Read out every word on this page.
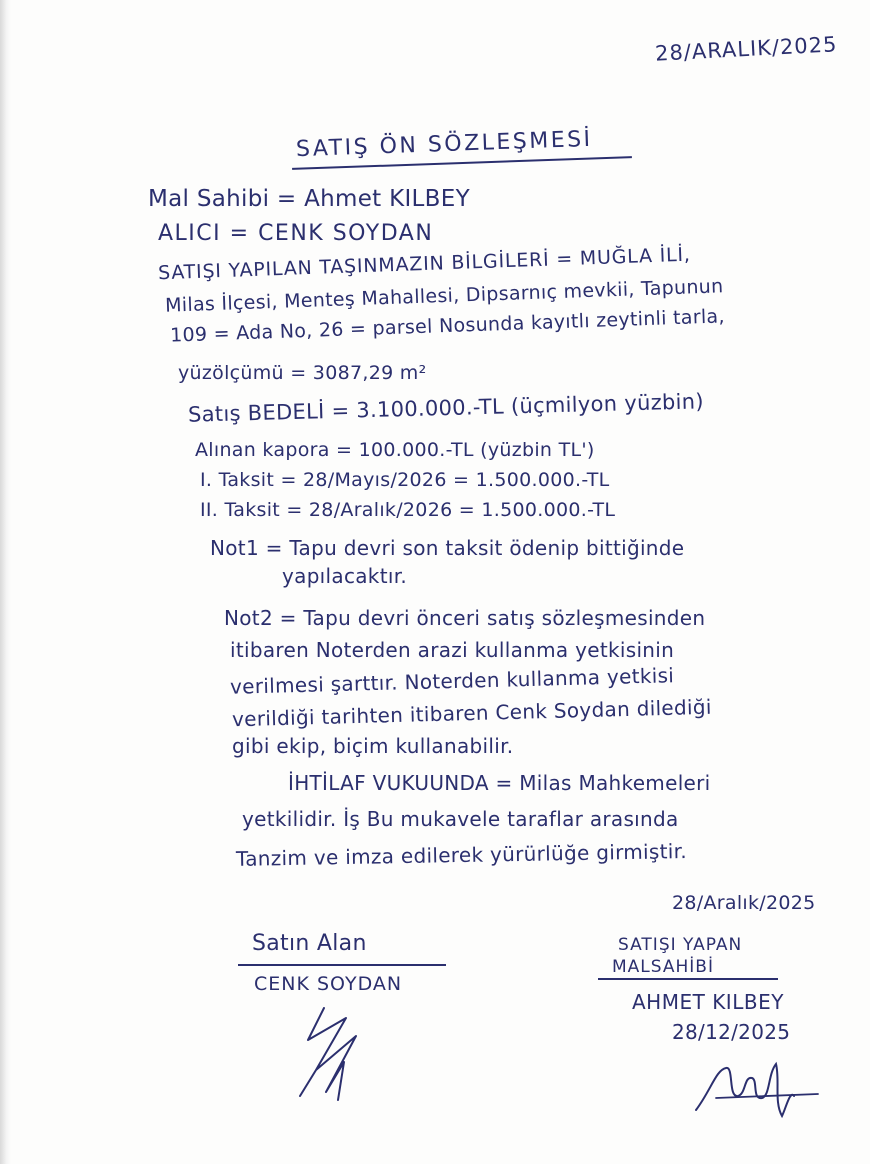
28/ARALIK/2025
SATIŞ ÖN SÖZLEŞMESİ
Mal Sahibi = Ahmet KILBEY
ALICI = CENK SOYDAN
SATIŞI YAPILAN TAŞINMAZIN BİLGİLERİ = MUĞLA İLİ,
Milas İlçesi, Menteş Mahallesi, Dipsarnıç mevkii, Tapunun
109 = Ada No, 26 = parsel Nosunda kayıtlı zeytinli tarla,
yüzölçümü = 3087,29 m²
Satış BEDELİ = 3.100.000.-TL (üçmilyon yüzbin)
Alınan kapora = 100.000.-TL (yüzbin TL')
I. Taksit = 28/Mayıs/2026 = 1.500.000.-TL
II. Taksit = 28/Aralık/2026 = 1.500.000.-TL
Not1 = Tapu devri son taksit ödenip bittiğinde
yapılacaktır.
Not2 = Tapu devri önceri satış sözleşmesinden
itibaren Noterden arazi kullanma yetkisinin
verilmesi şarttır. Noterden kullanma yetkisi
verildiği tarihten itibaren Cenk Soydan dilediği
gibi ekip, biçim kullanabilir.
İHTİLAF VUKUUNDA = Milas Mahkemeleri
yetkilidir. İş Bu mukavele taraflar arasında
Tanzim ve imza edilerek yürürlüğe girmiştir.
28/Aralık/2025
Satın Alan
CENK SOYDAN
SATIŞI YAPAN
MALSAHİBİ
AHMET KILBEY
28/12/2025
